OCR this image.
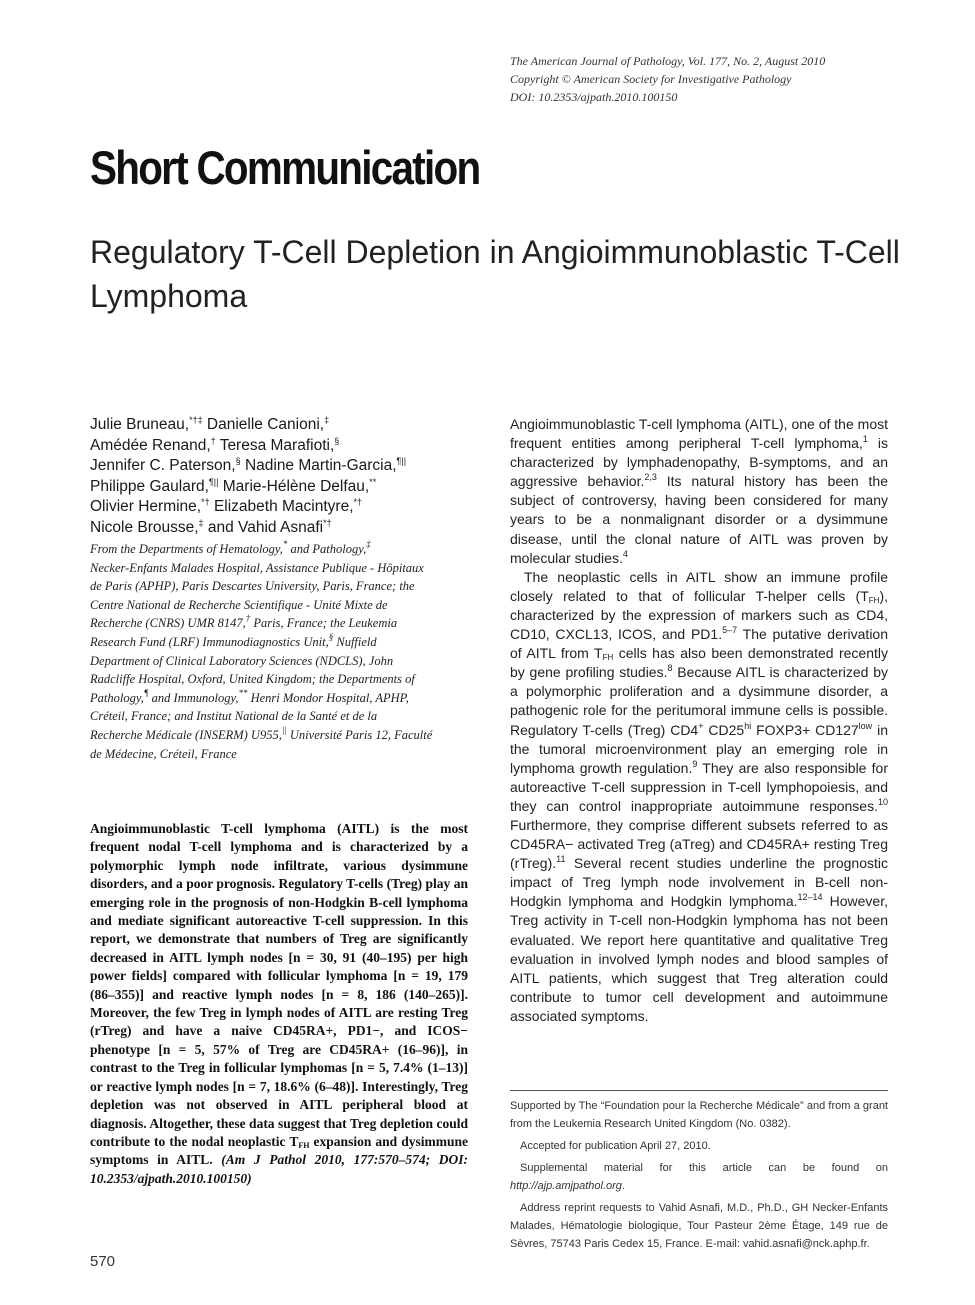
The American Journal of Pathology, Vol. 177, No. 2, August 2010
Copyright © American Society for Investigative Pathology
DOI: 10.2353/ajpath.2010.100150
Short Communication
Regulatory T-Cell Depletion in Angioimmunoblastic T-Cell Lymphoma
Julie Bruneau,*†‡ Danielle Canioni,‡
Amédée Renand,† Teresa Marafioti,§
Jennifer C. Paterson,§ Nadine Martin-Garcia,¶||
Philippe Gaulard,¶|| Marie-Hélène Delfau,**
Olivier Hermine,*† Elizabeth Macintyre,*†
Nicole Brousse,‡ and Vahid Asnafi*†
From the Departments of Hematology,* and Pathology,‡
Necker-Enfants Malades Hospital, Assistance Publique - Hôpitaux
de Paris (APHP), Paris Descartes University, Paris, France; the
Centre National de Recherche Scientifique - Unité Mixte de
Recherche (CNRS) UMR 8147,† Paris, France; the Leukemia
Research Fund (LRF) Immunodiagnostics Unit,§ Nuffield
Department of Clinical Laboratory Sciences (NDCLS), John
Radcliffe Hospital, Oxford, United Kingdom; the Departments of
Pathology,¶ and Immunology,** Henri Mondor Hospital, APHP,
Créteil, France; and Institut National de la Santé et de la
Recherche Médicale (INSERM) U955,|| Université Paris 12, Faculté
de Médecine, Créteil, France
Angioimmunoblastic T-cell lymphoma (AITL) is the most frequent nodal T-cell lymphoma and is characterized by a polymorphic lymph node infiltrate, various dysimmune disorders, and a poor prognosis. Regulatory T-cells (Treg) play an emerging role in the prognosis of non-Hodgkin B-cell lymphoma and mediate significant autoreactive T-cell suppression. In this report, we demonstrate that numbers of Treg are significantly decreased in AITL lymph nodes [n = 30, 91 (40–195) per high power fields] compared with follicular lymphoma [n = 19, 179 (86–355)] and reactive lymph nodes [n = 8, 186 (140–265)]. Moreover, the few Treg in lymph nodes of AITL are resting Treg (rTreg) and have a naive CD45RA+, PD1−, and ICOS− phenotype [n = 5, 57% of Treg are CD45RA+ (16–96)], in contrast to the Treg in follicular lymphomas [n = 5, 7.4% (1–13)] or reactive lymph nodes [n = 7, 18.6% (6–48)]. Interestingly, Treg depletion was not observed in AITL peripheral blood at diagnosis. Altogether, these data suggest that Treg depletion could contribute to the nodal neoplastic $T_{FH}$ expansion and dysimmune symptoms in AITL. (Am J Pathol 2010, 177:570–574; DOI: 10.2353/ajpath.2010.100150)

Angioimmunoblastic T-cell lymphoma (AITL), one of the most frequent entities among peripheral T-cell lymphoma,$^1$ is characterized by lymphadenopathy, B-symptoms, and an aggressive behavior.$^{2,3}$ Its natural history has been the subject of controversy, having been considered for many years to be a nonmalignant disorder or a dysimmune disease, until the clonal nature of AITL was proven by molecular studies.$^4$

The neoplastic cells in AITL show an immune profile closely related to that of follicular T-helper cells $(T_{FH})$, characterized by the expression of markers such as CD4, CD10, CXCL13, ICOS, and PD1.$^{5-7}$ The putative derivation of AITL from $T_{FH}$ cells has also been demonstrated recently by gene profiling studies.$^8$ Because AITL is characterized by a polymorphic proliferation and a dysimmune disorder, a pathogenic role for the peritumoral immune cells is possible. Regulatory T-cells (Treg) CD4+ $CD25^{hi}$ FOXP3+ $CD127^{low}$ in the tumoral microenvironment play an emerging role in lymphoma growth regulation.$^9$ They are also responsible for autoreactive T-cell suppression in T-cell lymphopoiesis, and they can control inappropriate autoimmune responses.$^{10}$ Furthermore, they comprise different subsets referred to as CD45RA− activated Treg (aTreg) and CD45RA+ resting Treg (rTreg).$^{11}$ Several recent studies underline the prognostic impact of Treg lymph node involvement in B-cell non-Hodgkin lymphoma and Hodgkin lymphoma.$^{12-14}$ However, Treg activity in T-cell non-Hodgkin lymphoma has not been evaluated. We report here quantitative and qualitative Treg evaluation in involved lymph nodes and blood samples of AITL patients, which suggest that Treg alteration could contribute to tumor cell development and autoimmune associated symptoms.

Supported by The “Foundation pour la Recherche Médicale” and from a grant from the Leukemia Research United Kingdom (No. 0382).

Accepted for publication April 27, 2010.

Supplemental material for this article can be found on http://ajp.amjpathol.org.

Address reprint requests to Vahid Asnafi, M.D., Ph.D., GH Necker-Enfants Malades, Hématologie biologique, Tour Pasteur 2ème Étage, 149 rue de Sèvres, 75743 Paris Cedex 15, France. E-mail: vahid.asnafi@nck.aphp.fr.

570
